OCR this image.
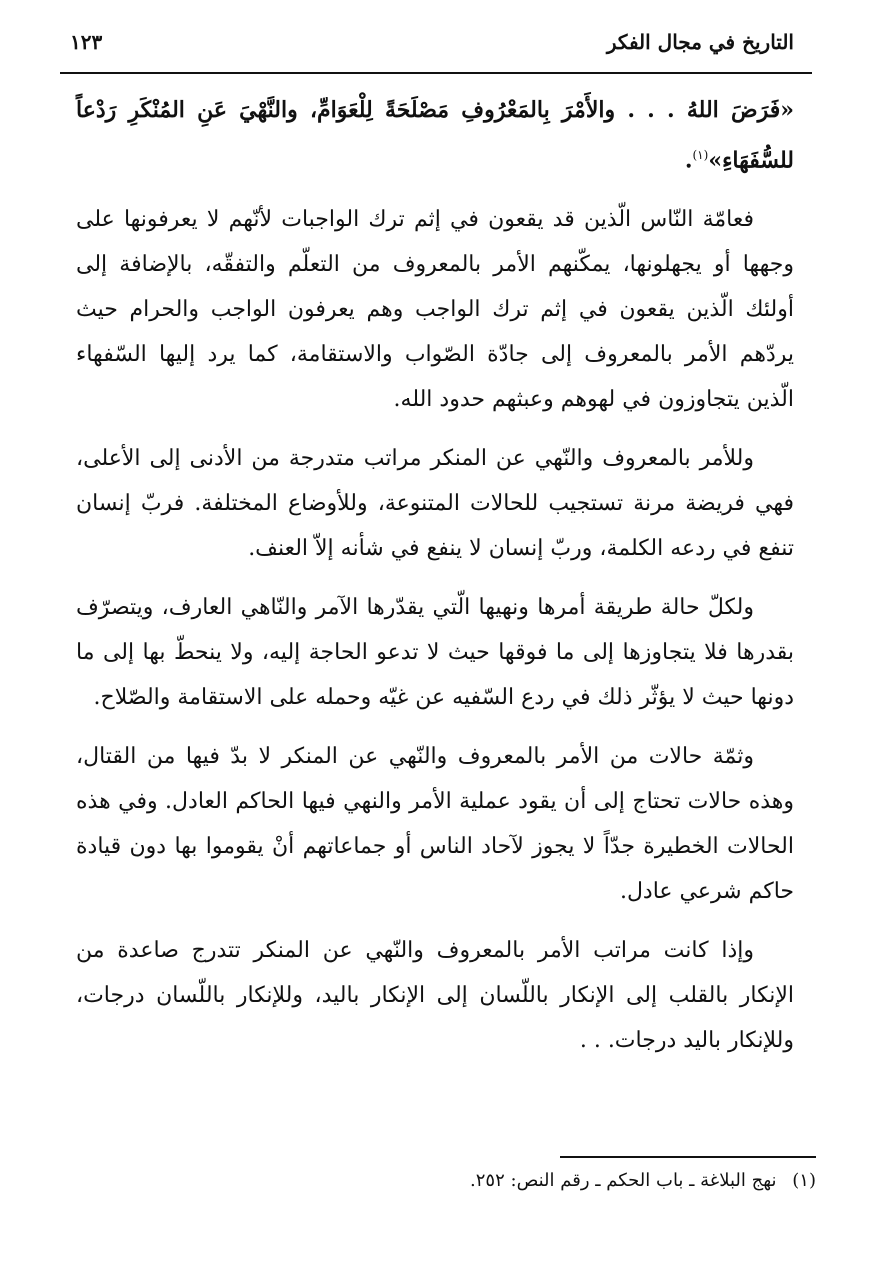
التاريخ في مجال الفكر
١٢٣

«فَرَضَ اللهُ . . . والأَمْرَ بِالمَعْرُوفِ مَصْلَحَةً لِلْعَوَامِّ، والنَّهْيَ عَنِ المُنْكَرِ رَدْعاً للسُّفَهَاءِ»$^{(١)}$.

فعامّة النّاس الّذين قد يقعون في إثم ترك الواجبات لأنّهم لا يعرفونها على وجهها أو يجهلونها، يمكّنهم الأمر بالمعروف من التعلّم والتفقّه، بالإضافة إلى أولئك الّذين يقعون في إثم ترك الواجب وهم يعرفون الواجب والحرام حيث يردّهم الأمر بالمعروف إلى جادّة الصّواب والاستقامة، كما يرد إليها السّفهاء الّذين يتجاوزون في لهوهم وعبثهم حدود الله.

وللأمر بالمعروف والنّهي عن المنكر مراتب متدرجة من الأدنى إلى الأعلى، فهي فريضة مرنة تستجيب للحالات المتنوعة، وللأوضاع المختلفة. فربّ إنسان تنفع في ردعه الكلمة، وربّ إنسان لا ينفع في شأنه إلاّ العنف.

ولكلّ حالة طريقة أمرها ونهيها الّتي يقدّرها الآمر والنّاهي العارف، ويتصرّف بقدرها فلا يتجاوزها إلى ما فوقها حيث لا تدعو الحاجة إليه، ولا ينحطّ بها إلى ما دونها حيث لا يؤثّر ذلك في ردع السّفيه عن غيّه وحمله على الاستقامة والصّلاح.

وثمّة حالات من الأمر بالمعروف والنّهي عن المنكر لا بدّ فيها من القتال، وهذه حالات تحتاج إلى أن يقود عملية الأمر والنهي فيها الحاكم العادل. وفي هذه الحالات الخطيرة جدّاً لا يجوز لآحاد الناس أو جماعاتهم أنْ يقوموا بها دون قيادة حاكم شرعي عادل.

وإذا كانت مراتب الأمر بالمعروف والنّهي عن المنكر تتدرج صاعدة من الإنكار بالقلب إلى الإنكار باللّسان إلى الإنكار باليد، وللإنكار باللّسان درجات، وللإنكار باليد درجات. . .

(١) نهج البلاغة ـ باب الحكم ـ رقم النص: ٢٥٢.
